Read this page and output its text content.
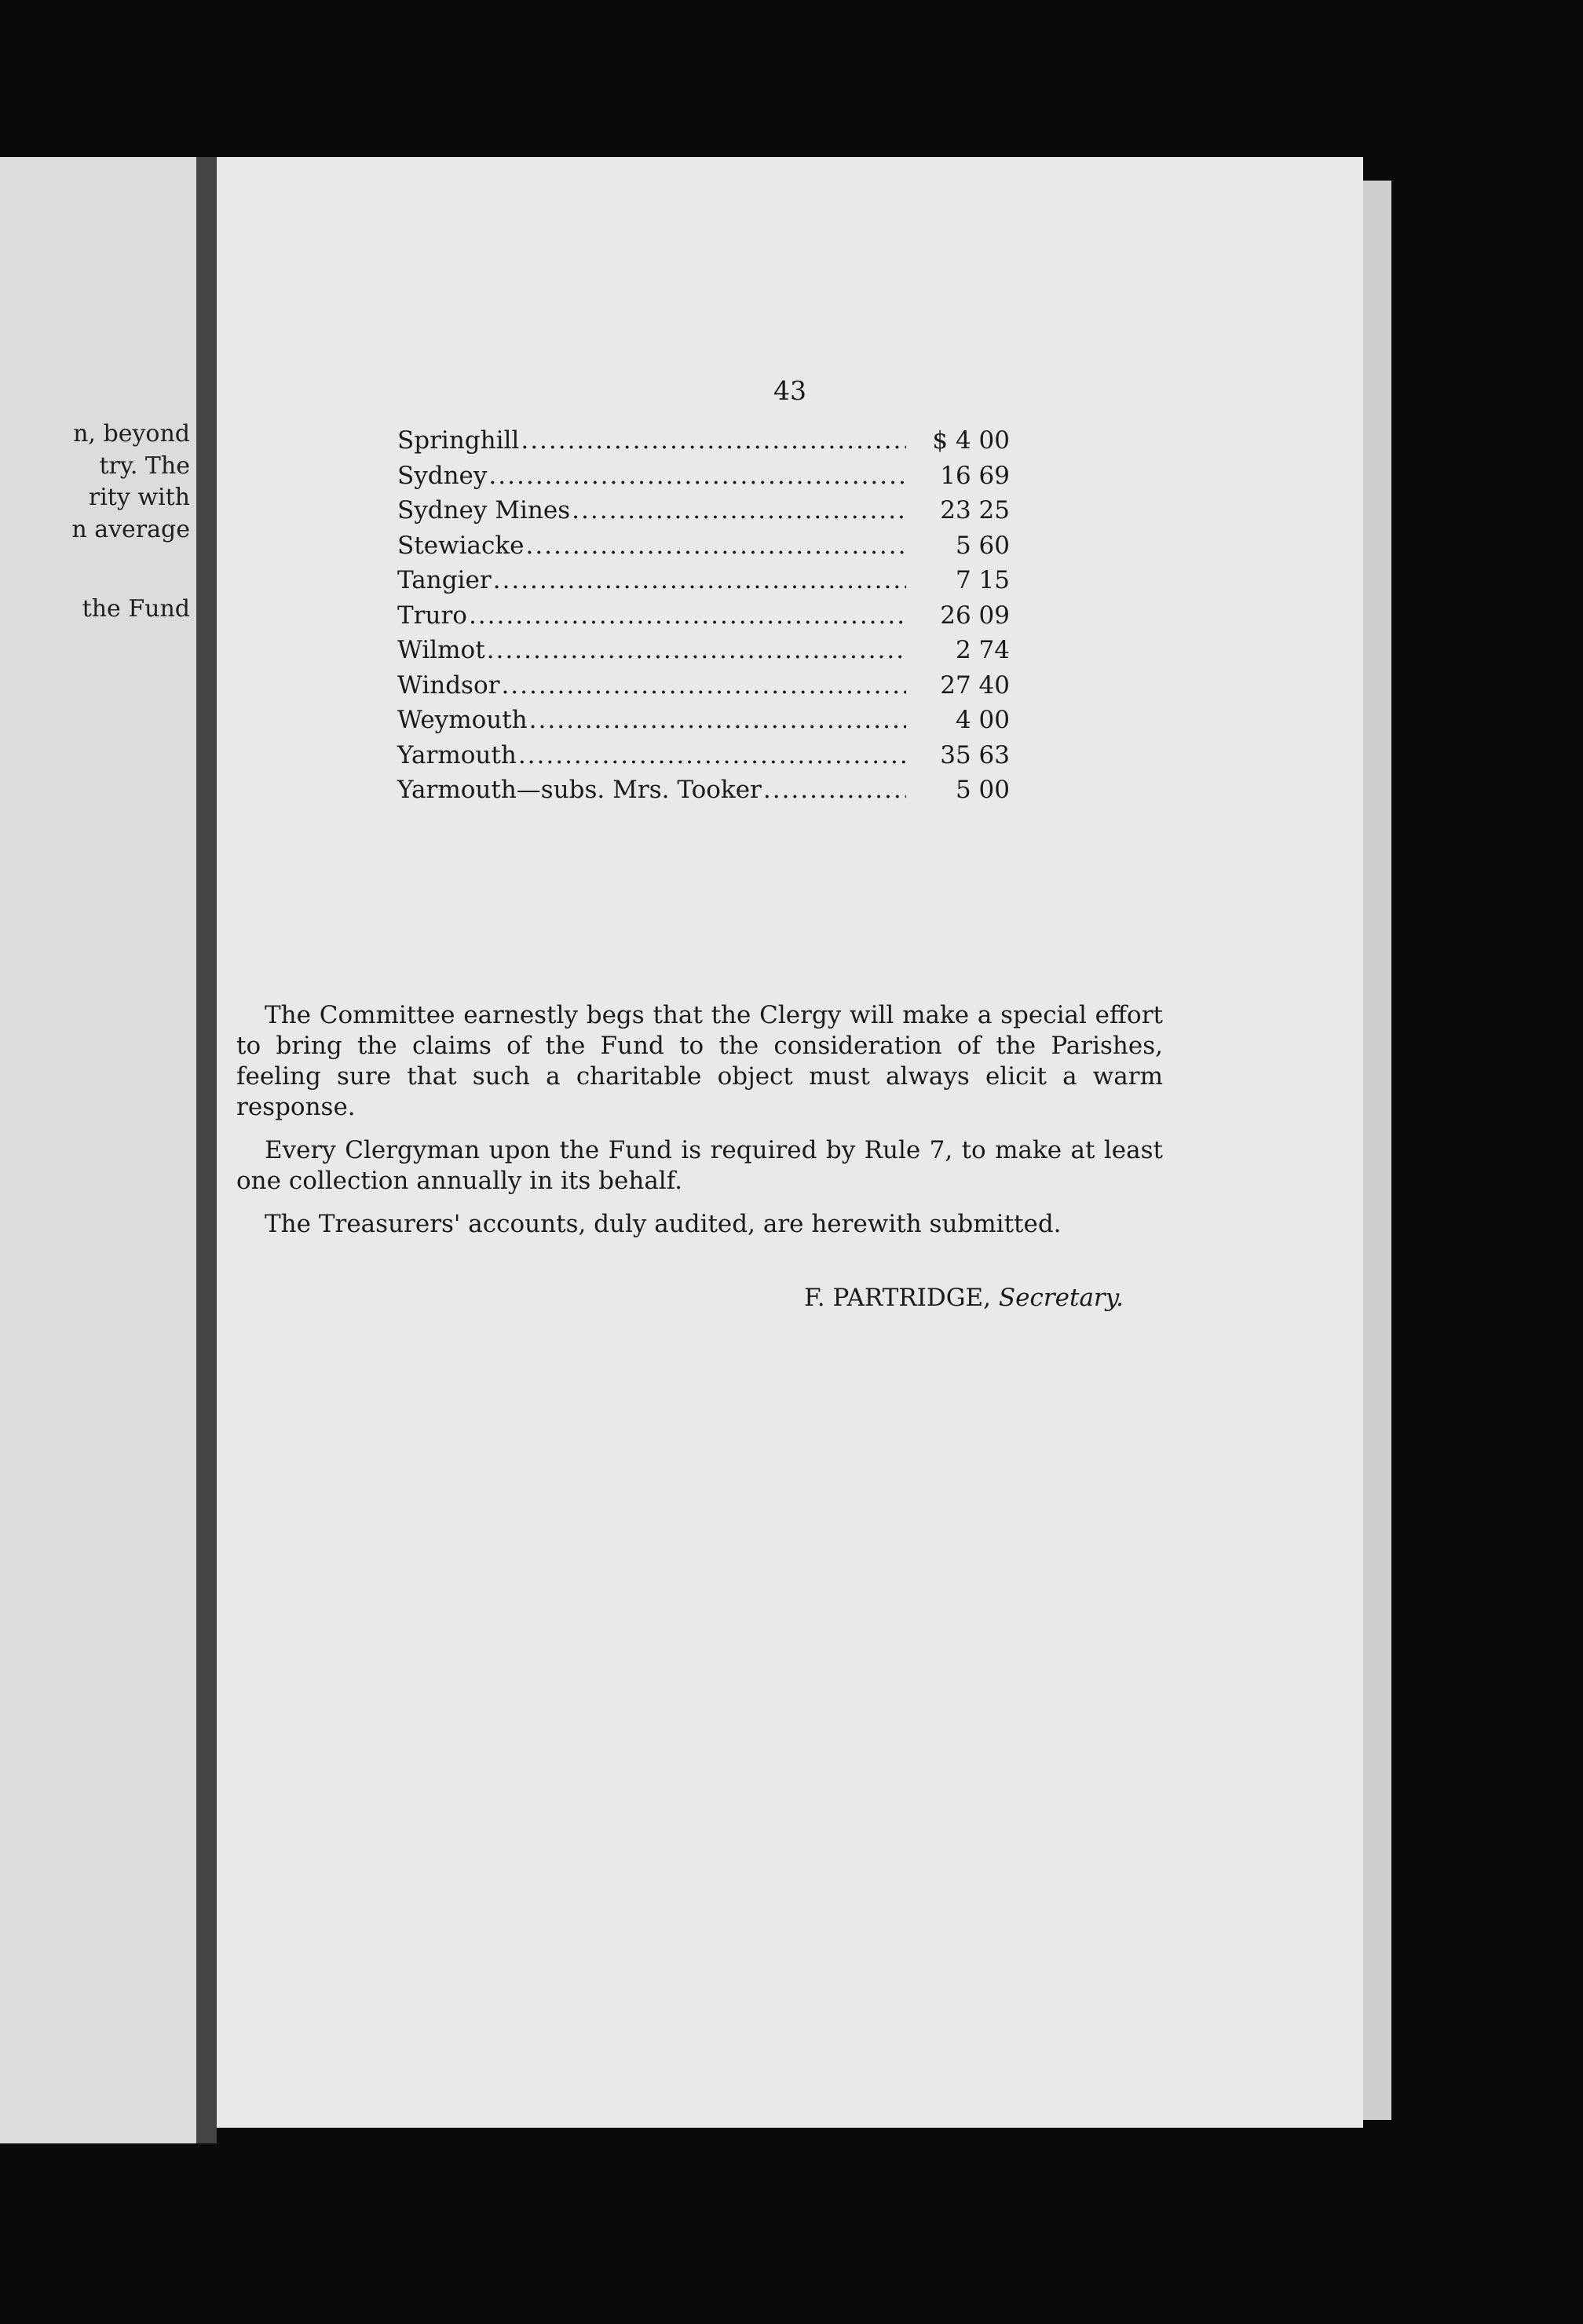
n, beyond
try. The
rity with
n average
the Fund
43
Springhill .....	$ 4 00
Sydney .....	16 69
Sydney Mines .....	23 25
Stewiacke .....	5 60
Tangier .....	7 15
Truro .....	26 09
Wilmot .....	2 74
Windsor .....	27 40
Weymouth .....	4 00
Yarmouth .....	35 63
Yarmouth—subs. Mrs. Tooker .....	5 00

The Committee earnestly begs that the Clergy will make a special effort to bring the claims of the Fund to the consideration of the Parishes, feeling sure that such a charitable object must always elicit a warm response.

Every Clergyman upon the Fund is required by Rule 7, to make at least one collection annually in its behalf.

The Treasurers' accounts, duly audited, are herewith submitted.

F. PARTRIDGE, Secretary.
